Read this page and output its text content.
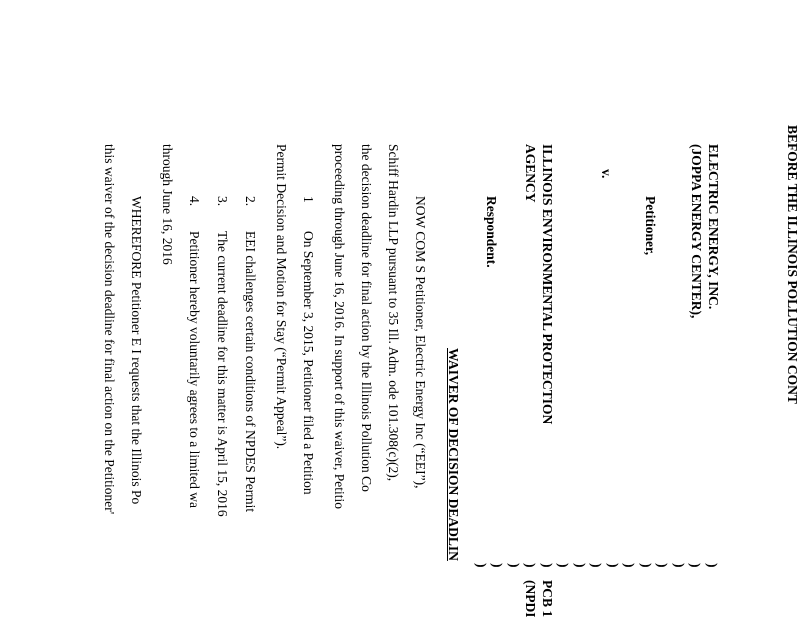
BEFORE THE ILLINOIS POLLUTION CONT
ELECTRIC ENERGY, INC.
(JOPPA ENERGY CENTER),
Petitioner,
v.
ILLINOIS ENVIRONMENTAL PROTECTION
AGENCY
Respondent.
)
)
)
)
)
)
)
)
)
)
)
)
)
)
)
PCB 1
(NPDI
WAIVER OF DECISION DEADLIN
NOW COM S Petitioner, Electric Energy Inc (“EEI”),
Schiff Hardin LLP pursuant to 35 Ill. Adm. ode 101.308(c)(2),
the decision deadline for final action by the Illinois Pollution Co
proceeding through June 16, 2016. In support of this waiver, Petitio
1
On September 3, 2015, Petitioner filed a Petition
Permit Decision and Motion for Stay (“Permit Appeal”).
2.
EEI challenges certain conditions of NPDES Permit
3.
The current deadline for this matter is April 15, 2016
4.
Petitioner hereby voluntarily agrees to a limited wa
through June 16, 2016
WHEREFORE Petitioner E I requests that the Illinois Po
this waiver of the decision deadline for final action on the Petitioner'
